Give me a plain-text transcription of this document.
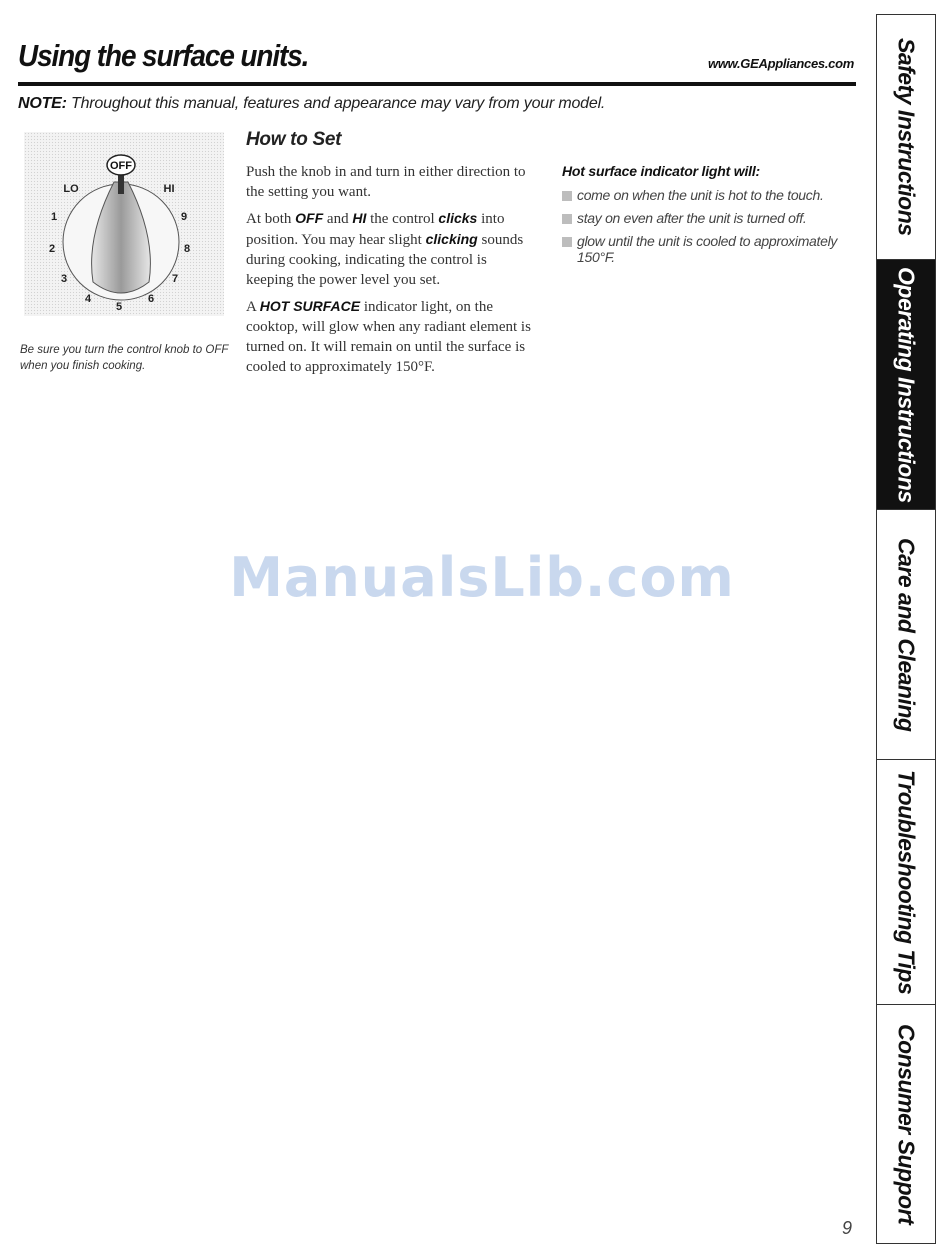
Using the surface units.	www.GEAppliances.com
NOTE: Throughout this manual, features and appearance may vary from your model.
OFF
LO	HI
1
2
3
4
5
6
7
8
9
Be sure you turn the control knob to OFF when you finish cooking.
How to Set

Push the knob in and turn in either direction to the setting you want.

At both OFF and HI the control clicks into position. You may hear slight clicking sounds during cooking, indicating the control is keeping the power level you set.

A HOT SURFACE indicator light, on the cooktop, will glow when any radiant element is turned on. It will remain on until the surface is cooled to approximately 150°F.

Hot surface indicator light will:
come on when the unit is hot to the touch.
stay on even after the unit is turned off.
glow until the unit is cooled to approximately 150°F.
ManualsLib.com
Safety Instructions
Operating Instructions
Care and Cleaning
Troubleshooting Tips
Consumer Support
9
